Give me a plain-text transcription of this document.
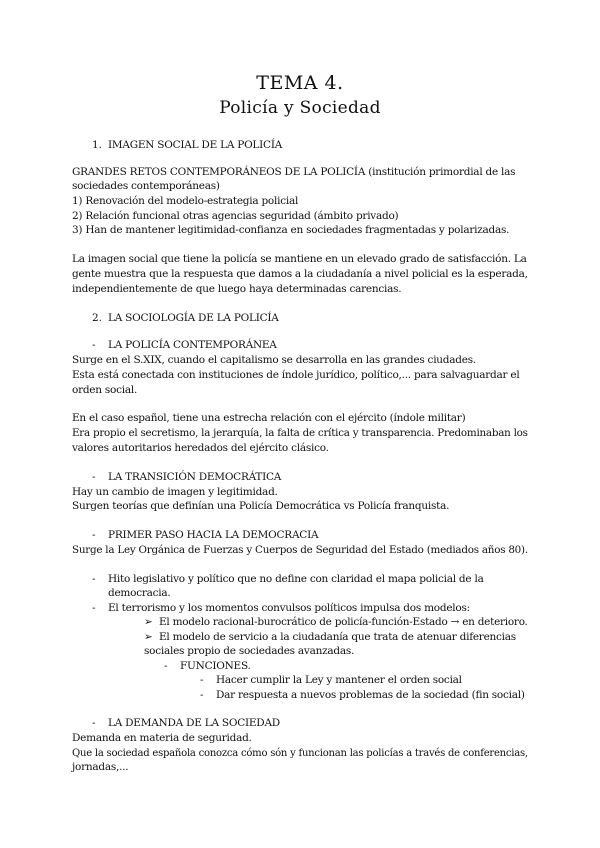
TEMA 4.
Policía y Sociedad
1. IMAGEN SOCIAL DE LA POLICÍA
GRANDES RETOS CONTEMPORÁNEOS DE LA POLICÍA (institución primordial de las
sociedades contemporáneas)
1) Renovación del modelo-estrategia policial
2) Relación funcional otras agencias seguridad (ámbito privado)
3) Han de mantener legitimidad-confianza en sociedades fragmentadas y polarizadas.
La imagen social que tiene la policía se mantiene en un elevado grado de satisfacción. La
gente muestra que la respuesta que damos a la ciudadanía a nivel policial es la esperada,
independientemente de que luego haya determinadas carencias.
2. LA SOCIOLOGÍA DE LA POLICÍA
- LA POLICÍA CONTEMPORÁNEA
Surge en el S.XIX, cuando el capitalismo se desarrolla en las grandes ciudades.
Esta está conectada con instituciones de índole jurídico, político,... para salvaguardar el
orden social.
En el caso español, tiene una estrecha relación con el ejército (índole militar)
Era propio el secretismo, la jerarquía, la falta de crítica y transparencia. Predominaban los
valores autoritarios heredados del ejército clásico.
- LA TRANSICIÓN DEMOCRÁTICA
Hay un cambio de imagen y legitimidad.
Surgen teorías que definían una Policía Democrática vs Policía franquista.
- PRIMER PASO HACIA LA DEMOCRACIA
Surge la Ley Orgánica de Fuerzas y Cuerpos de Seguridad del Estado (mediados años 80).
- Hito legislativo y político que no define con claridad el mapa policial de la
democracia.
- El terrorismo y los momentos convulsos políticos impulsa dos modelos:
➢ El modelo racional-burocrático de policía-función-Estado → en deterioro.
➢ El modelo de servicio a la ciudadanía que trata de atenuar diferencias
sociales propio de sociedades avanzadas.
- FUNCIONES.
- Hacer cumplir la Ley y mantener el orden social
- Dar respuesta a nuevos problemas de la sociedad (fin social)
- LA DEMANDA DE LA SOCIEDAD
Demanda en materia de seguridad.
Que la sociedad española conozca cómo són y funcionan las policías a través de conferencias,
jornadas,...
